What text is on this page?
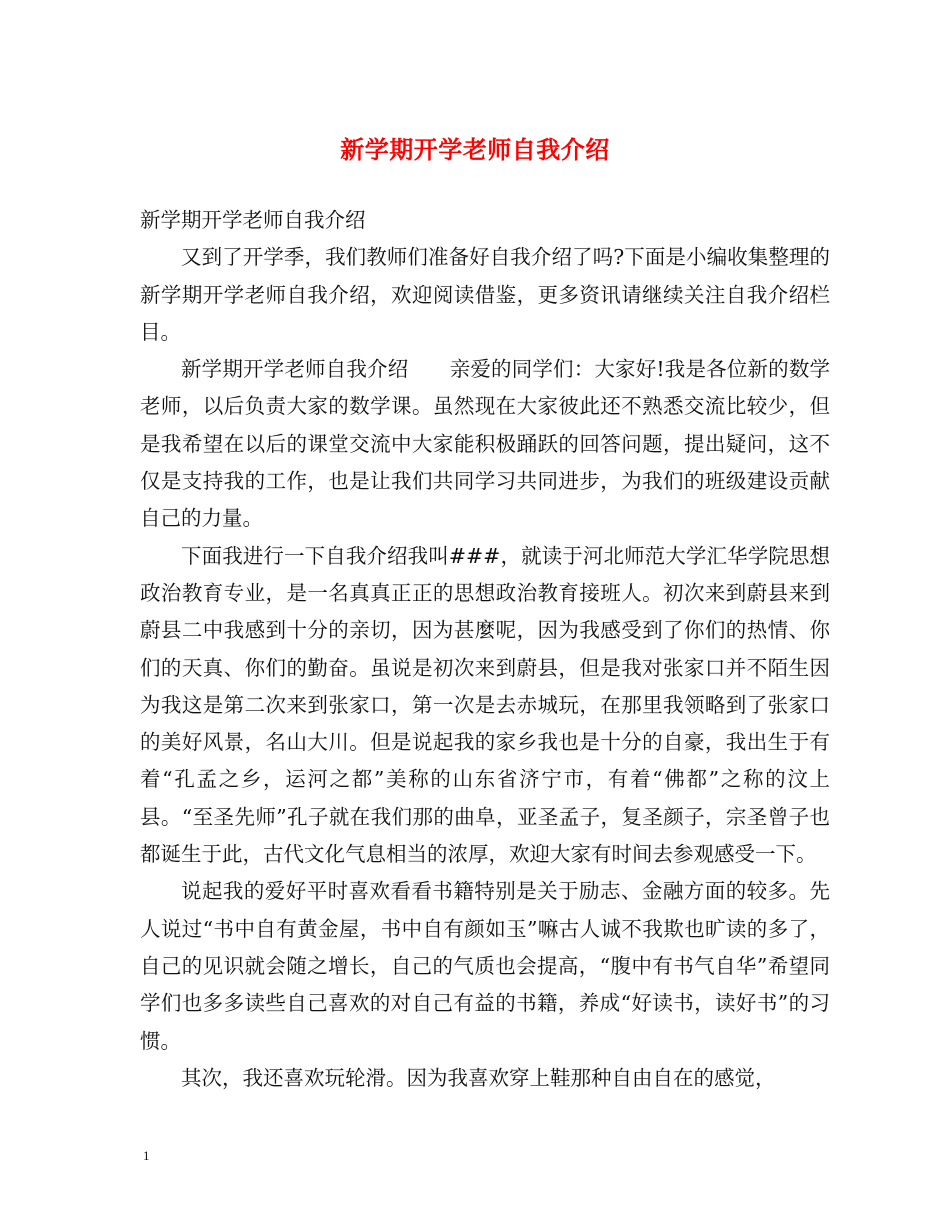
新学期开学老师自我介绍

新学期开学老师自我介绍

又到了开学季，我们教师们准备好自我介绍了吗?下面是小编收集整理的新学期开学老师自我介绍，欢迎阅读借鉴，更多资讯请继续关注自我介绍栏目。

新学期开学老师自我介绍　　亲爱的同学们：大家好!我是各位新的数学老师，以后负责大家的数学课。虽然现在大家彼此还不熟悉交流比较少，但是我希望在以后的课堂交流中大家能积极踊跃的回答问题，提出疑问，这不仅是支持我的工作，也是让我们共同学习共同进步，为我们的班级建设贡献自己的力量。

下面我进行一下自我介绍我叫###，就读于河北师范大学汇华学院思想政治教育专业，是一名真真正正的思想政治教育接班人。初次来到蔚县来到蔚县二中我感到十分的亲切，因为甚麼呢，因为我感受到了你们的热情、你们的天真、你们的勤奋。虽说是初次来到蔚县，但是我对张家口并不陌生因为我这是第二次来到张家口，第一次是去赤城玩，在那里我领略到了张家口的美好风景，名山大川。但是说起我的家乡我也是十分的自豪，我出生于有着“孔孟之乡，运河之都”美称的山东省济宁市，有着“佛都”之称的汶上县。“至圣先师”孔子就在我们那的曲阜，亚圣孟子，复圣颜子，宗圣曾子也都诞生于此，古代文化气息相当的浓厚，欢迎大家有时间去参观感受一下。

说起我的爱好平时喜欢看看书籍特别是关于励志、金融方面的较多。先人说过“书中自有黄金屋，书中自有颜如玉”嘛古人诚不我欺也旷读的多了，自己的见识就会随之增长，自己的气质也会提高，“腹中有书气自华”希望同学们也多多读些自己喜欢的对自己有益的书籍，养成“好读书，读好书”的习惯。

其次，我还喜欢玩轮滑。因为我喜欢穿上鞋那种自由自在的感觉，

1
